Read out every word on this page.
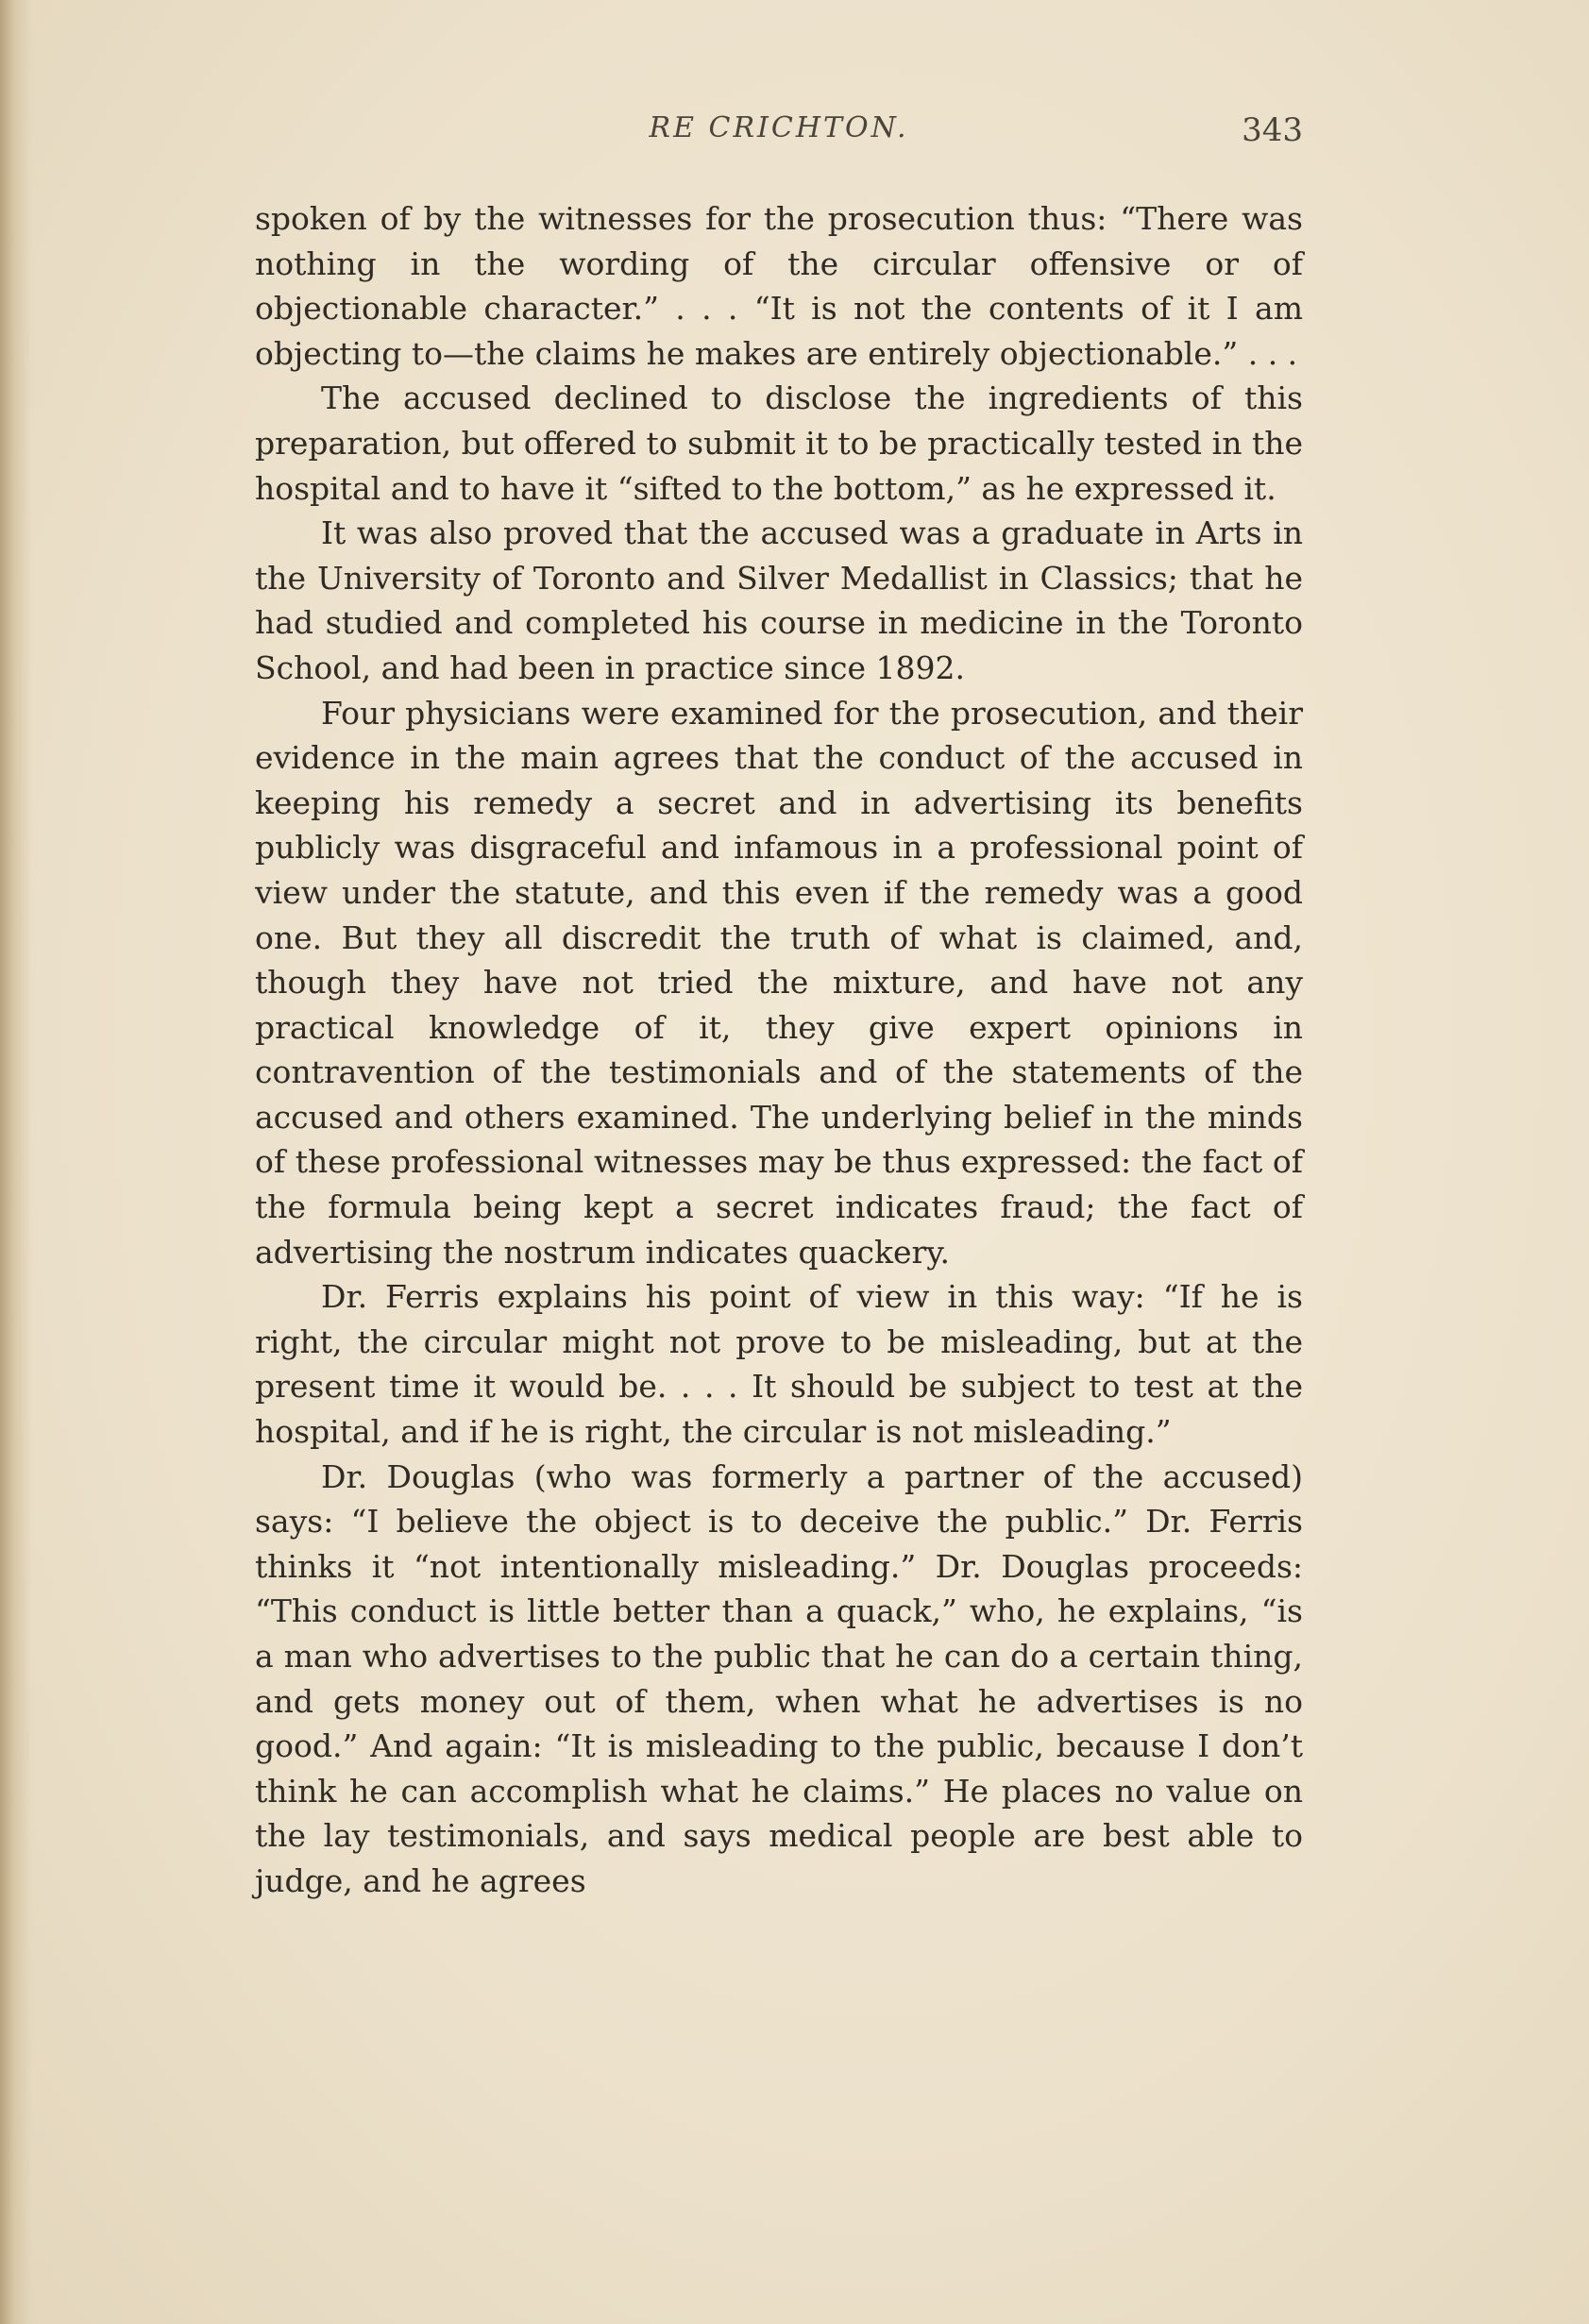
RE CRICHTON.	343

spoken of by the witnesses for the prosecution thus: “There was nothing in the wording of the circular offensive or of objectionable character.” . . . “It is not the contents of it I am objecting to—the claims he makes are entirely objectionable.” . . .

The accused declined to disclose the ingredients of this preparation, but offered to submit it to be practically tested in the hospital and to have it “sifted to the bottom,” as he expressed it.

It was also proved that the accused was a graduate in Arts in the University of Toronto and Silver Medallist in Classics; that he had studied and completed his course in medicine in the Toronto School, and had been in practice since 1892.

Four physicians were examined for the prosecution, and their evidence in the main agrees that the conduct of the accused in keeping his remedy a secret and in advertising its benefits publicly was disgraceful and infamous in a professional point of view under the statute, and this even if the remedy was a good one. But they all discredit the truth of what is claimed, and, though they have not tried the mixture, and have not any practical knowledge of it, they give expert opinions in contravention of the testimonials and of the statements of the accused and others examined. The underlying belief in the minds of these professional witnesses may be thus expressed: the fact of the formula being kept a secret indicates fraud; the fact of advertising the nostrum indicates quackery.

Dr. Ferris explains his point of view in this way: “If he is right, the circular might not prove to be misleading, but at the present time it would be. . . . It should be subject to test at the hospital, and if he is right, the circular is not misleading.”

Dr. Douglas (who was formerly a partner of the accused) says: “I believe the object is to deceive the public.” Dr. Ferris thinks it “not intentionally misleading.” Dr. Douglas proceeds: “This conduct is little better than a quack,” who, he explains, “is a man who advertises to the public that he can do a certain thing, and gets money out of them, when what he advertises is no good.” And again: “It is misleading to the public, because I don’t think he can accomplish what he claims.” He places no value on the lay testimonials, and says medical people are best able to judge, and he agrees
